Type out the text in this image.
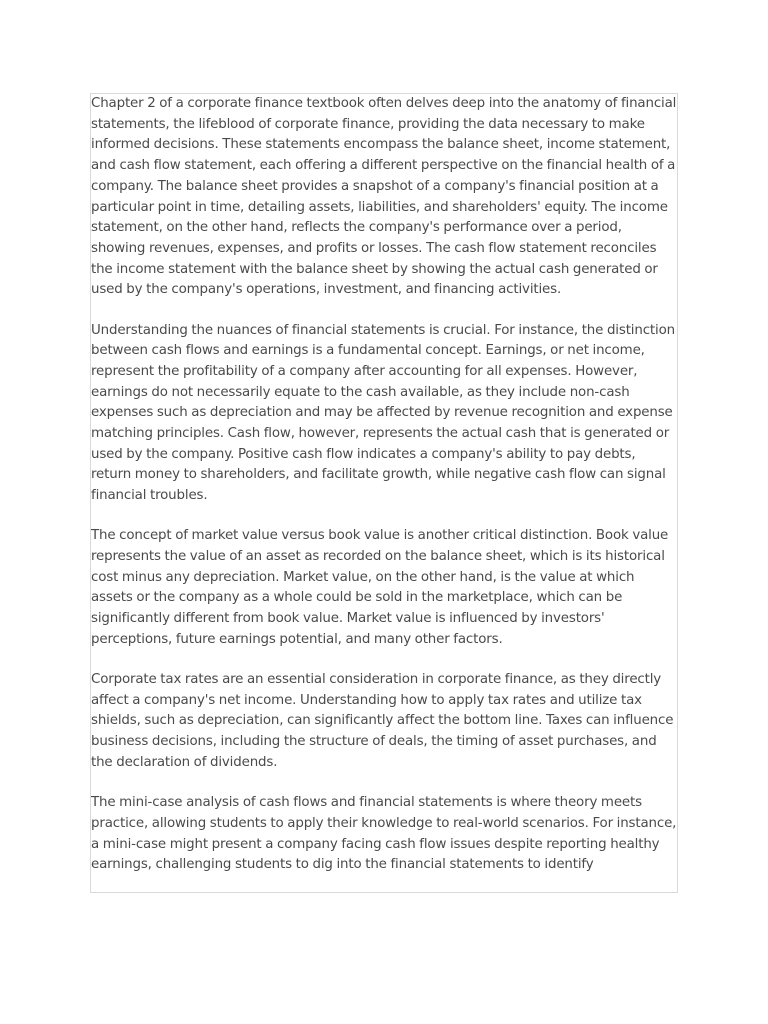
Chapter 2 of a corporate finance textbook often delves deep into the anatomy of financial statements, the lifeblood of corporate finance, providing the data necessary to make informed decisions. These statements encompass the balance sheet, income statement, and cash flow statement, each offering a different perspective on the financial health of a company. The balance sheet provides a snapshot of a company's financial position at a particular point in time, detailing assets, liabilities, and shareholders' equity. The income statement, on the other hand, reflects the company's performance over a period, showing revenues, expenses, and profits or losses. The cash flow statement reconciles the income statement with the balance sheet by showing the actual cash generated or used by the company's operations, investment, and financing activities.

Understanding the nuances of financial statements is crucial. For instance, the distinction between cash flows and earnings is a fundamental concept. Earnings, or net income, represent the profitability of a company after accounting for all expenses. However, earnings do not necessarily equate to the cash available, as they include non-cash expenses such as depreciation and may be affected by revenue recognition and expense matching principles. Cash flow, however, represents the actual cash that is generated or used by the company. Positive cash flow indicates a company's ability to pay debts, return money to shareholders, and facilitate growth, while negative cash flow can signal financial troubles.

The concept of market value versus book value is another critical distinction. Book value represents the value of an asset as recorded on the balance sheet, which is its historical cost minus any depreciation. Market value, on the other hand, is the value at which assets or the company as a whole could be sold in the marketplace, which can be significantly different from book value. Market value is influenced by investors' perceptions, future earnings potential, and many other factors.

Corporate tax rates are an essential consideration in corporate finance, as they directly affect a company's net income. Understanding how to apply tax rates and utilize tax shields, such as depreciation, can significantly affect the bottom line. Taxes can influence business decisions, including the structure of deals, the timing of asset purchases, and the declaration of dividends.

The mini-case analysis of cash flows and financial statements is where theory meets practice, allowing students to apply their knowledge to real-world scenarios. For instance, a mini-case might present a company facing cash flow issues despite reporting healthy earnings, challenging students to dig into the financial statements to identify
